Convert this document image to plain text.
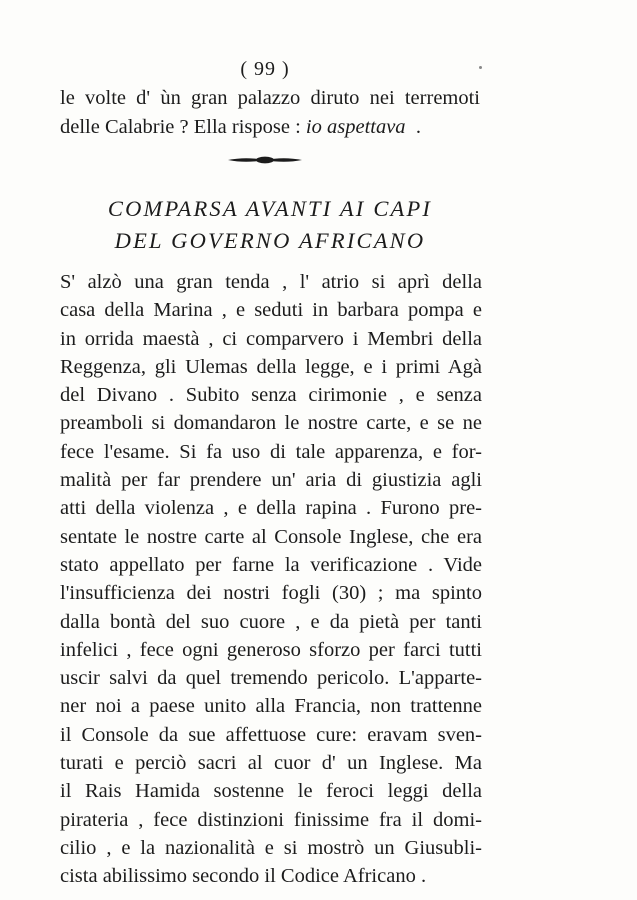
( 99 )
le volte d' ùn gran palazzo diruto nei terremoti
delle Calabrie ? Ella rispose : io aspettava .
COMPARSA AVANTI AI CAPI
DEL GOVERNO AFRICANO
S' alzò una gran tenda , l' atrio si aprì della
casa della Marina , e seduti in barbara pompa e
in orrida maestà , ci comparvero i Membri della
Reggenza, gli Ulemas della legge, e i primi Agà
del Divano . Subito senza cirimonie , e senza
preamboli si domandaron le nostre carte, e se ne
fece l'esame. Si fa uso di tale apparenza, e for-
malità per far prendere un' aria di giustizia agli
atti della violenza , e della rapina . Furono pre-
sentate le nostre carte al Console Inglese, che era
stato appellato per farne la verificazione . Vide
l'insufficienza dei nostri fogli (30) ; ma spinto
dalla bontà del suo cuore , e da pietà per tanti
infelici , fece ogni generoso sforzo per farci tutti
uscir salvi da quel tremendo pericolo. L'apparte-
ner noi a paese unito alla Francia, non trattenne
il Console da sue affettuose cure: eravam sven-
turati e perciò sacri al cuor d' un Inglese. Ma
il Rais Hamida sostenne le feroci leggi della
pirateria , fece distinzioni finissime fra il domi-
cilio , e la nazionalità e si mostrò un Giusubli-
cista abilissimo secondo il Codice Africano .
